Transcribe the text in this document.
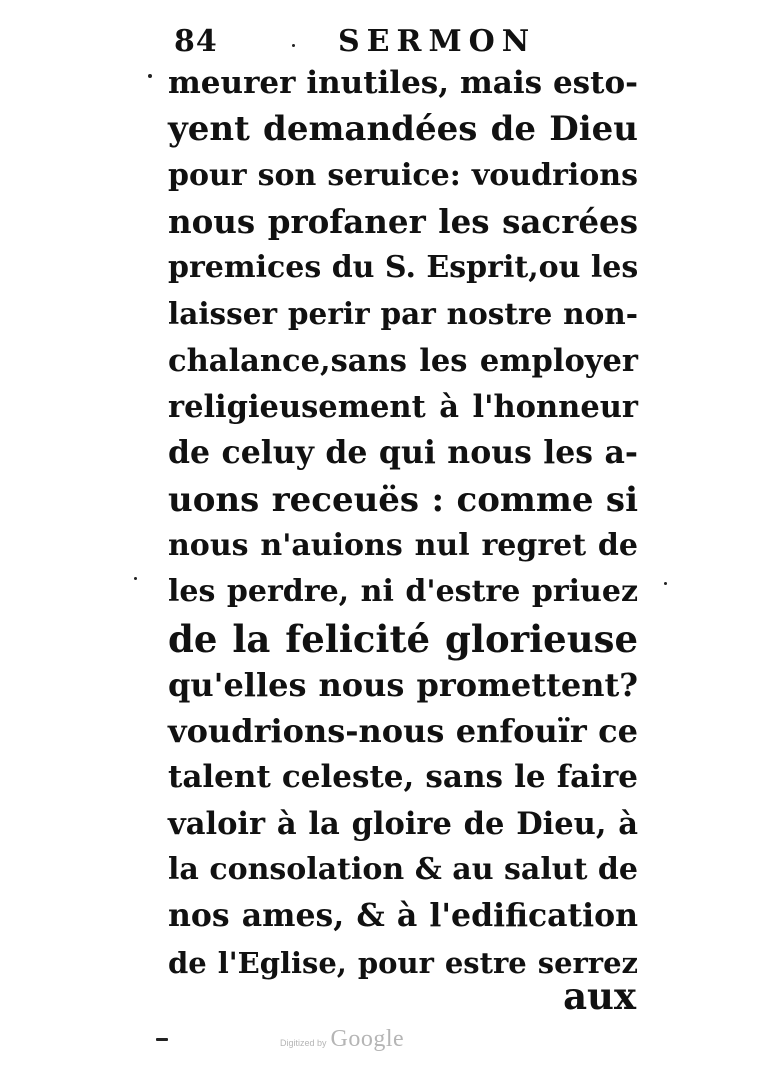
84	SERMON
meurer inutiles, mais esto-
yent demandées de Dieu
pour son seruice: voudrions
nous profaner les sacrées
premices du S. Esprit,ou les
laisser perir par nostre non-
chalance,sans les employer
religieusement à l'honneur
de celuy de qui nous les a-
uons receuës : comme si
nous n'auions nul regret de
les perdre, ni d'estre priuez
de la felicité glorieuse
qu'elles nous promettent?
voudrions-nous enfouïr ce
talent celeste, sans le faire
valoir à la gloire de Dieu, à
la consolation & au salut de
nos ames, & à l'edification
de l'Eglise, pour estre serrez
aux
Digitized by Google
